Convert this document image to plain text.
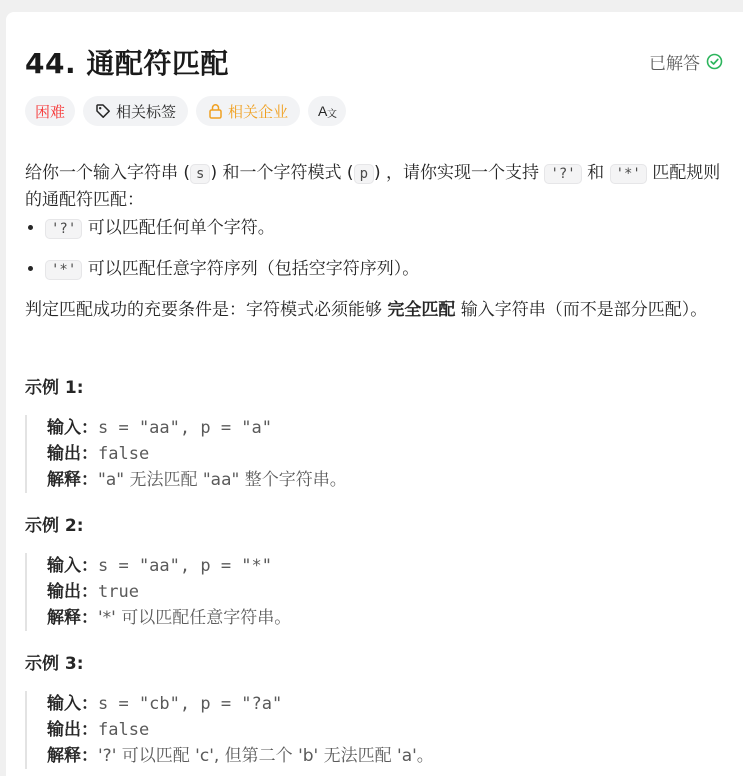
44. 通配符匹配	已解答
困难	相关标签	相关企业 A 文

给你一个输入字符串 ( s ) 和一个字符模式 ( p ) ，请你实现一个支持 '?' 和 '*' 匹配规则的通配符匹配：

• '?' 可以匹配任何单个字符。
• '*' 可以匹配任意字符序列（包括空字符序列）。

判定匹配成功的充要条件是：字符模式必须能够 完全匹配 输入字符串（而不是部分匹配）。

示例 1:

输入：s = "aa", p = "a"
输出：false
解释："a" 无法匹配 "aa" 整个字符串。

示例 2:

输入：s = "aa", p = "*"
输出：true
解释：'*' 可以匹配任意字符串。

示例 3:

输入：s = "cb", p = "?a"
输出：false
解释：'?' 可以匹配 'c', 但第二个 'b' 无法匹配 'a'。
